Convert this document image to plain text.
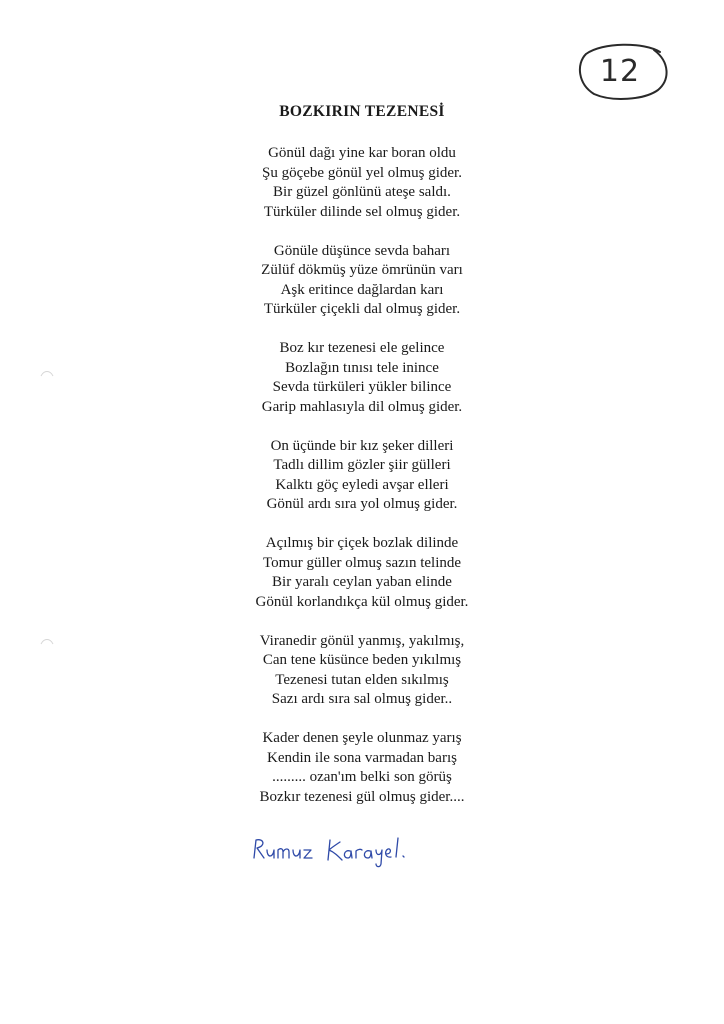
12
BOZKIRIN TEZENESİ
Gönül dağı yine kar boran oldu
Şu göçebe gönül yel olmuş gider.
Bir güzel gönlünü ateşe saldı.
Türküler dilinde sel olmuş gider.
Gönüle düşünce sevda baharı
Zülüf dökmüş yüze ömrünün varı
Aşk eritince dağlardan karı
Türküler çiçekli dal olmuş gider.
Boz kır tezenesi ele gelince
Bozlağın tınısı tele inince
Sevda türküleri yükler bilince
Garip mahlasıyla dil olmuş gider.
On üçünde bir kız şeker dilleri
Tadlı dillim gözler şiir gülleri
Kalktı göç eyledi avşar elleri
Gönül ardı sıra yol olmuş gider.
Açılmış bir çiçek bozlak dilinde
Tomur güller olmuş sazın telinde
Bir yaralı ceylan yaban elinde
Gönül korlandıkça kül olmuş gider.
Viranedir gönül yanmış, yakılmış,
Can tene küsünce beden yıkılmış
Tezenesi tutan elden sıkılmış
Sazı ardı sıra sal olmuş gider..
Kader denen şeyle olunmaz yarış
Kendin ile sona varmadan barış
......... ozan'ım belki son görüş
Bozkır tezenesi gül olmuş gider....
